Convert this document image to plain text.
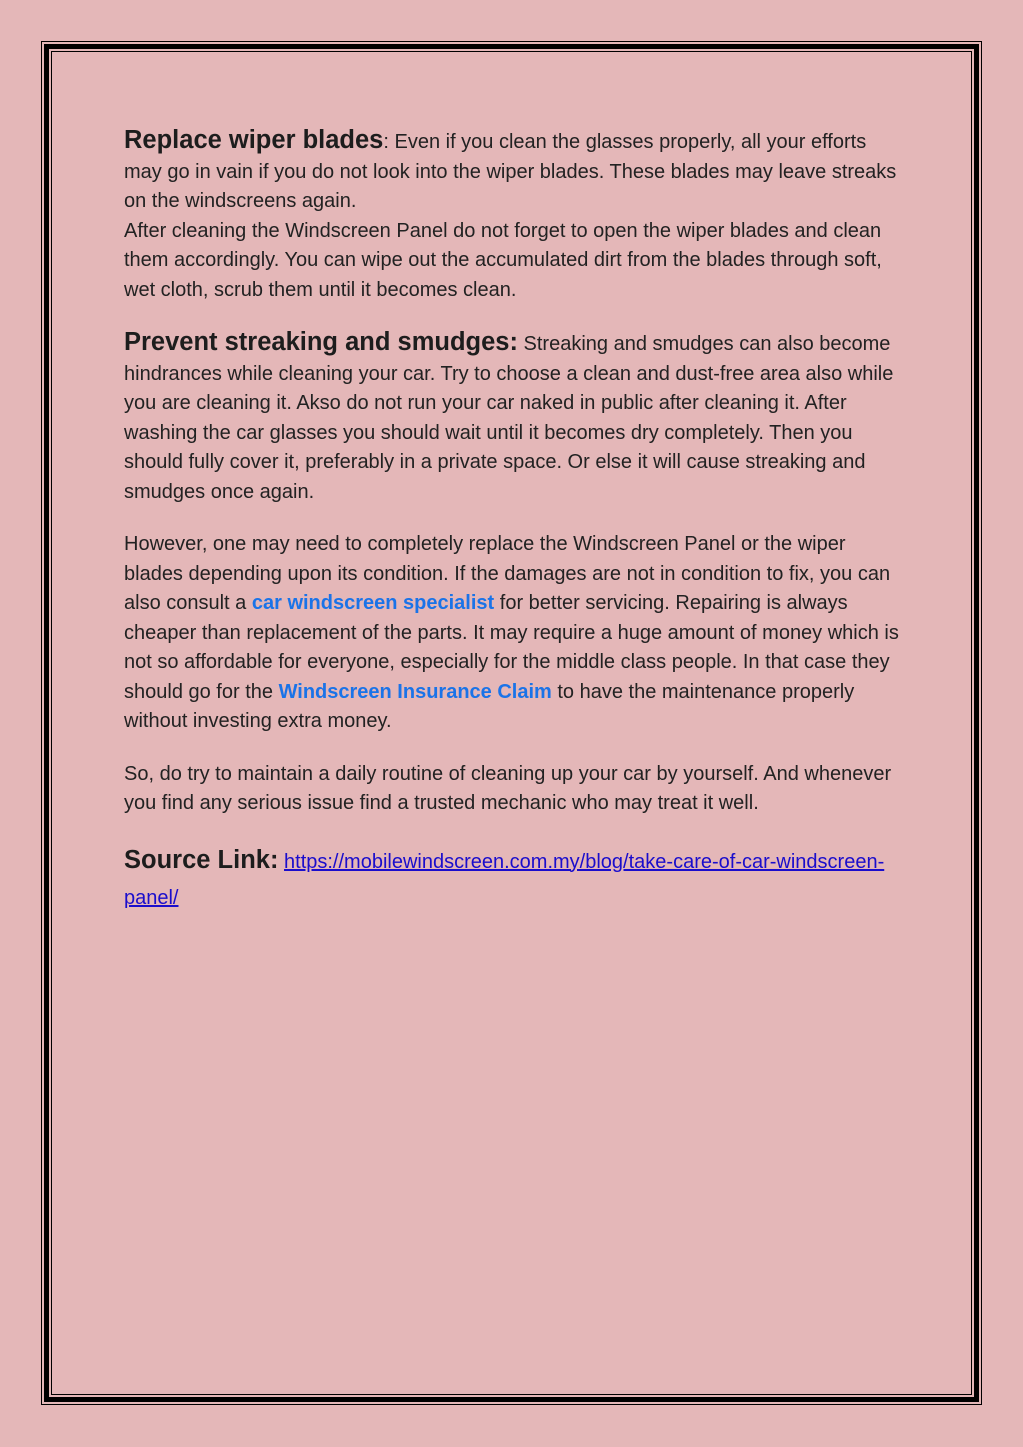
Replace wiper blades: Even if you clean the glasses properly, all your efforts may go in vain if you do not look into the wiper blades. These blades may leave streaks on the windscreens again.

After cleaning the Windscreen Panel do not forget to open the wiper blades and clean them accordingly. You can wipe out the accumulated dirt from the blades through soft, wet cloth, scrub them until it becomes clean.

Prevent streaking and smudges: Streaking and smudges can also become hindrances while cleaning your car. Try to choose a clean and dust-free area also while you are cleaning it. Akso do not run your car naked in public after cleaning it. After washing the car glasses you should wait until it becomes dry completely. Then you should fully cover it, preferably in a private space. Or else it will cause streaking and smudges once again.

However, one may need to completely replace the Windscreen Panel or the wiper blades depending upon its condition. If the damages are not in condition to fix, you can also consult a car windscreen specialist for better servicing. Repairing is always cheaper than replacement of the parts. It may require a huge amount of money which is not so affordable for everyone, especially for the middle class people. In that case they should go for the Windscreen Insurance Claim to have the maintenance properly without investing extra money.

So, do try to maintain a daily routine of cleaning up your car by yourself. And whenever you find any serious issue find a trusted mechanic who may treat it well.

Source Link: https://mobilewindscreen.com.my/blog/take-care-of-car-windscreen-panel/
